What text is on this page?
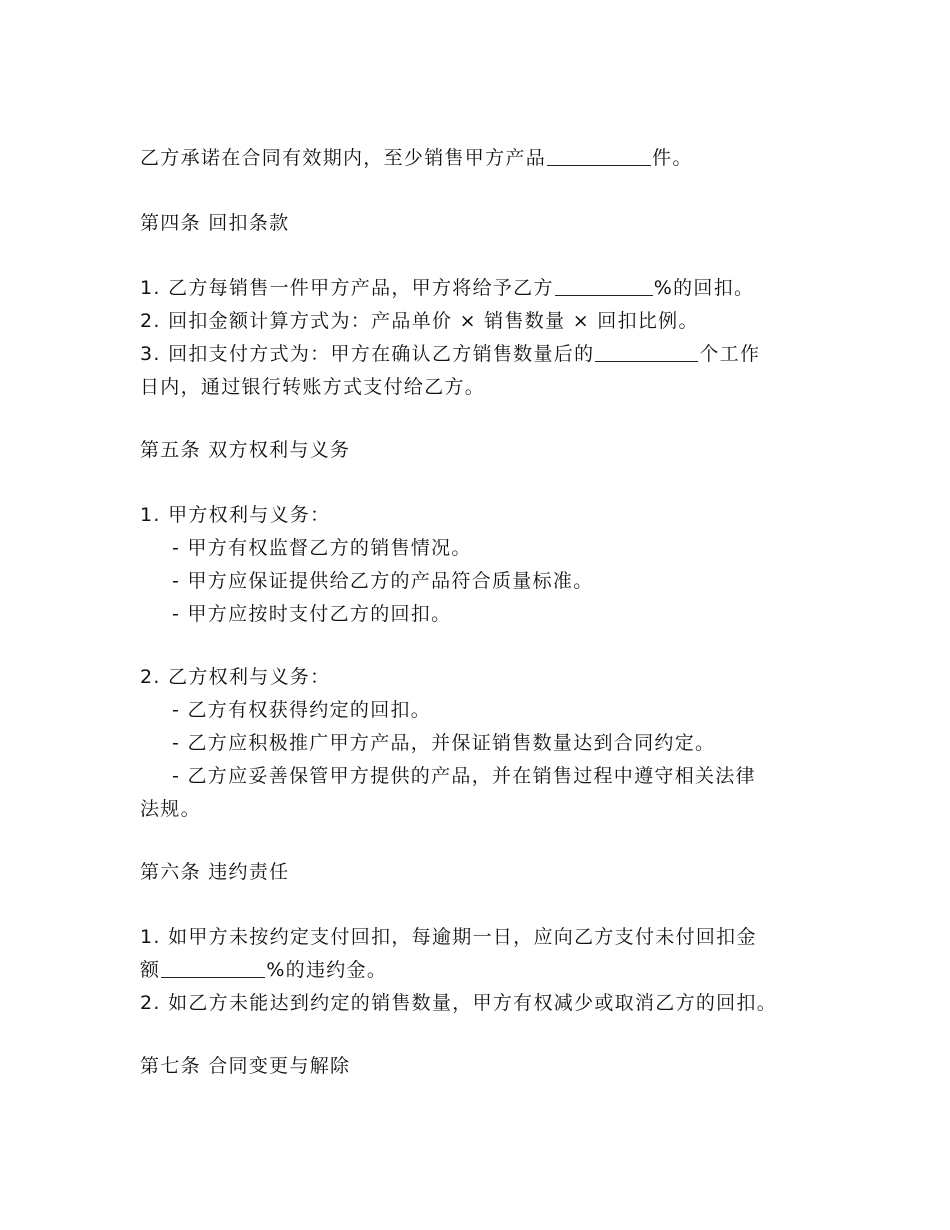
乙方承诺在合同有效期内，至少销售甲方产品	件。
第四条 回扣条款
1. 乙方每销售一件甲方产品，甲方将给予乙方	%的回扣。
2. 回扣金额计算方式为：产品单价 × 销售数量 × 回扣比例。
3. 回扣支付方式为：甲方在确认乙方销售数量后的	个工作
日内，通过银行转账方式支付给乙方。
第五条 双方权利与义务
1. 甲方权利与义务：
- 甲方有权监督乙方的销售情况。
- 甲方应保证提供给乙方的产品符合质量标准。
- 甲方应按时支付乙方的回扣。
2. 乙方权利与义务：
- 乙方有权获得约定的回扣。
- 乙方应积极推广甲方产品，并保证销售数量达到合同约定。
- 乙方应妥善保管甲方提供的产品，并在销售过程中遵守相关法律
法规。
第六条 违约责任
1. 如甲方未按约定支付回扣，每逾期一日，应向乙方支付未付回扣金
额	%的违约金。
2. 如乙方未能达到约定的销售数量，甲方有权减少或取消乙方的回扣。
第七条 合同变更与解除
